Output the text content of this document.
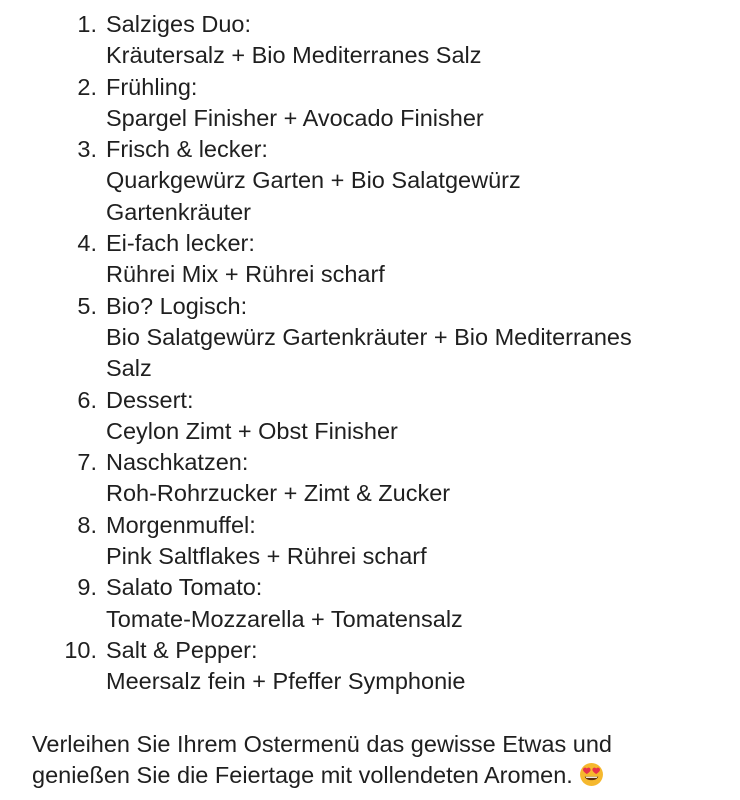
1. Salziges Duo:
Kräutersalz + Bio Mediterranes Salz
2. Frühling:
Spargel Finisher + Avocado Finisher
3. Frisch & lecker:
Quarkgewürz Garten + Bio Salatgewürz
Gartenkräuter
4. Ei-fach lecker:
Rührei Mix + Rührei scharf
5. Bio? Logisch:
Bio Salatgewürz Gartenkräuter + Bio Mediterranes
Salz
6. Dessert:
Ceylon Zimt + Obst Finisher
7. Naschkatzen:
Roh-Rohrzucker + Zimt & Zucker
8. Morgenmuffel:
Pink Saltflakes + Rührei scharf
9. Salato Tomato:
Tomate-Mozzarella + Tomatensalz
10. Salt & Pepper:
Meersalz fein + Pfeffer Symphonie
Verleihen Sie Ihrem Ostermenü das gewisse Etwas und
genießen Sie die Feiertage mit vollendeten Aromen.
